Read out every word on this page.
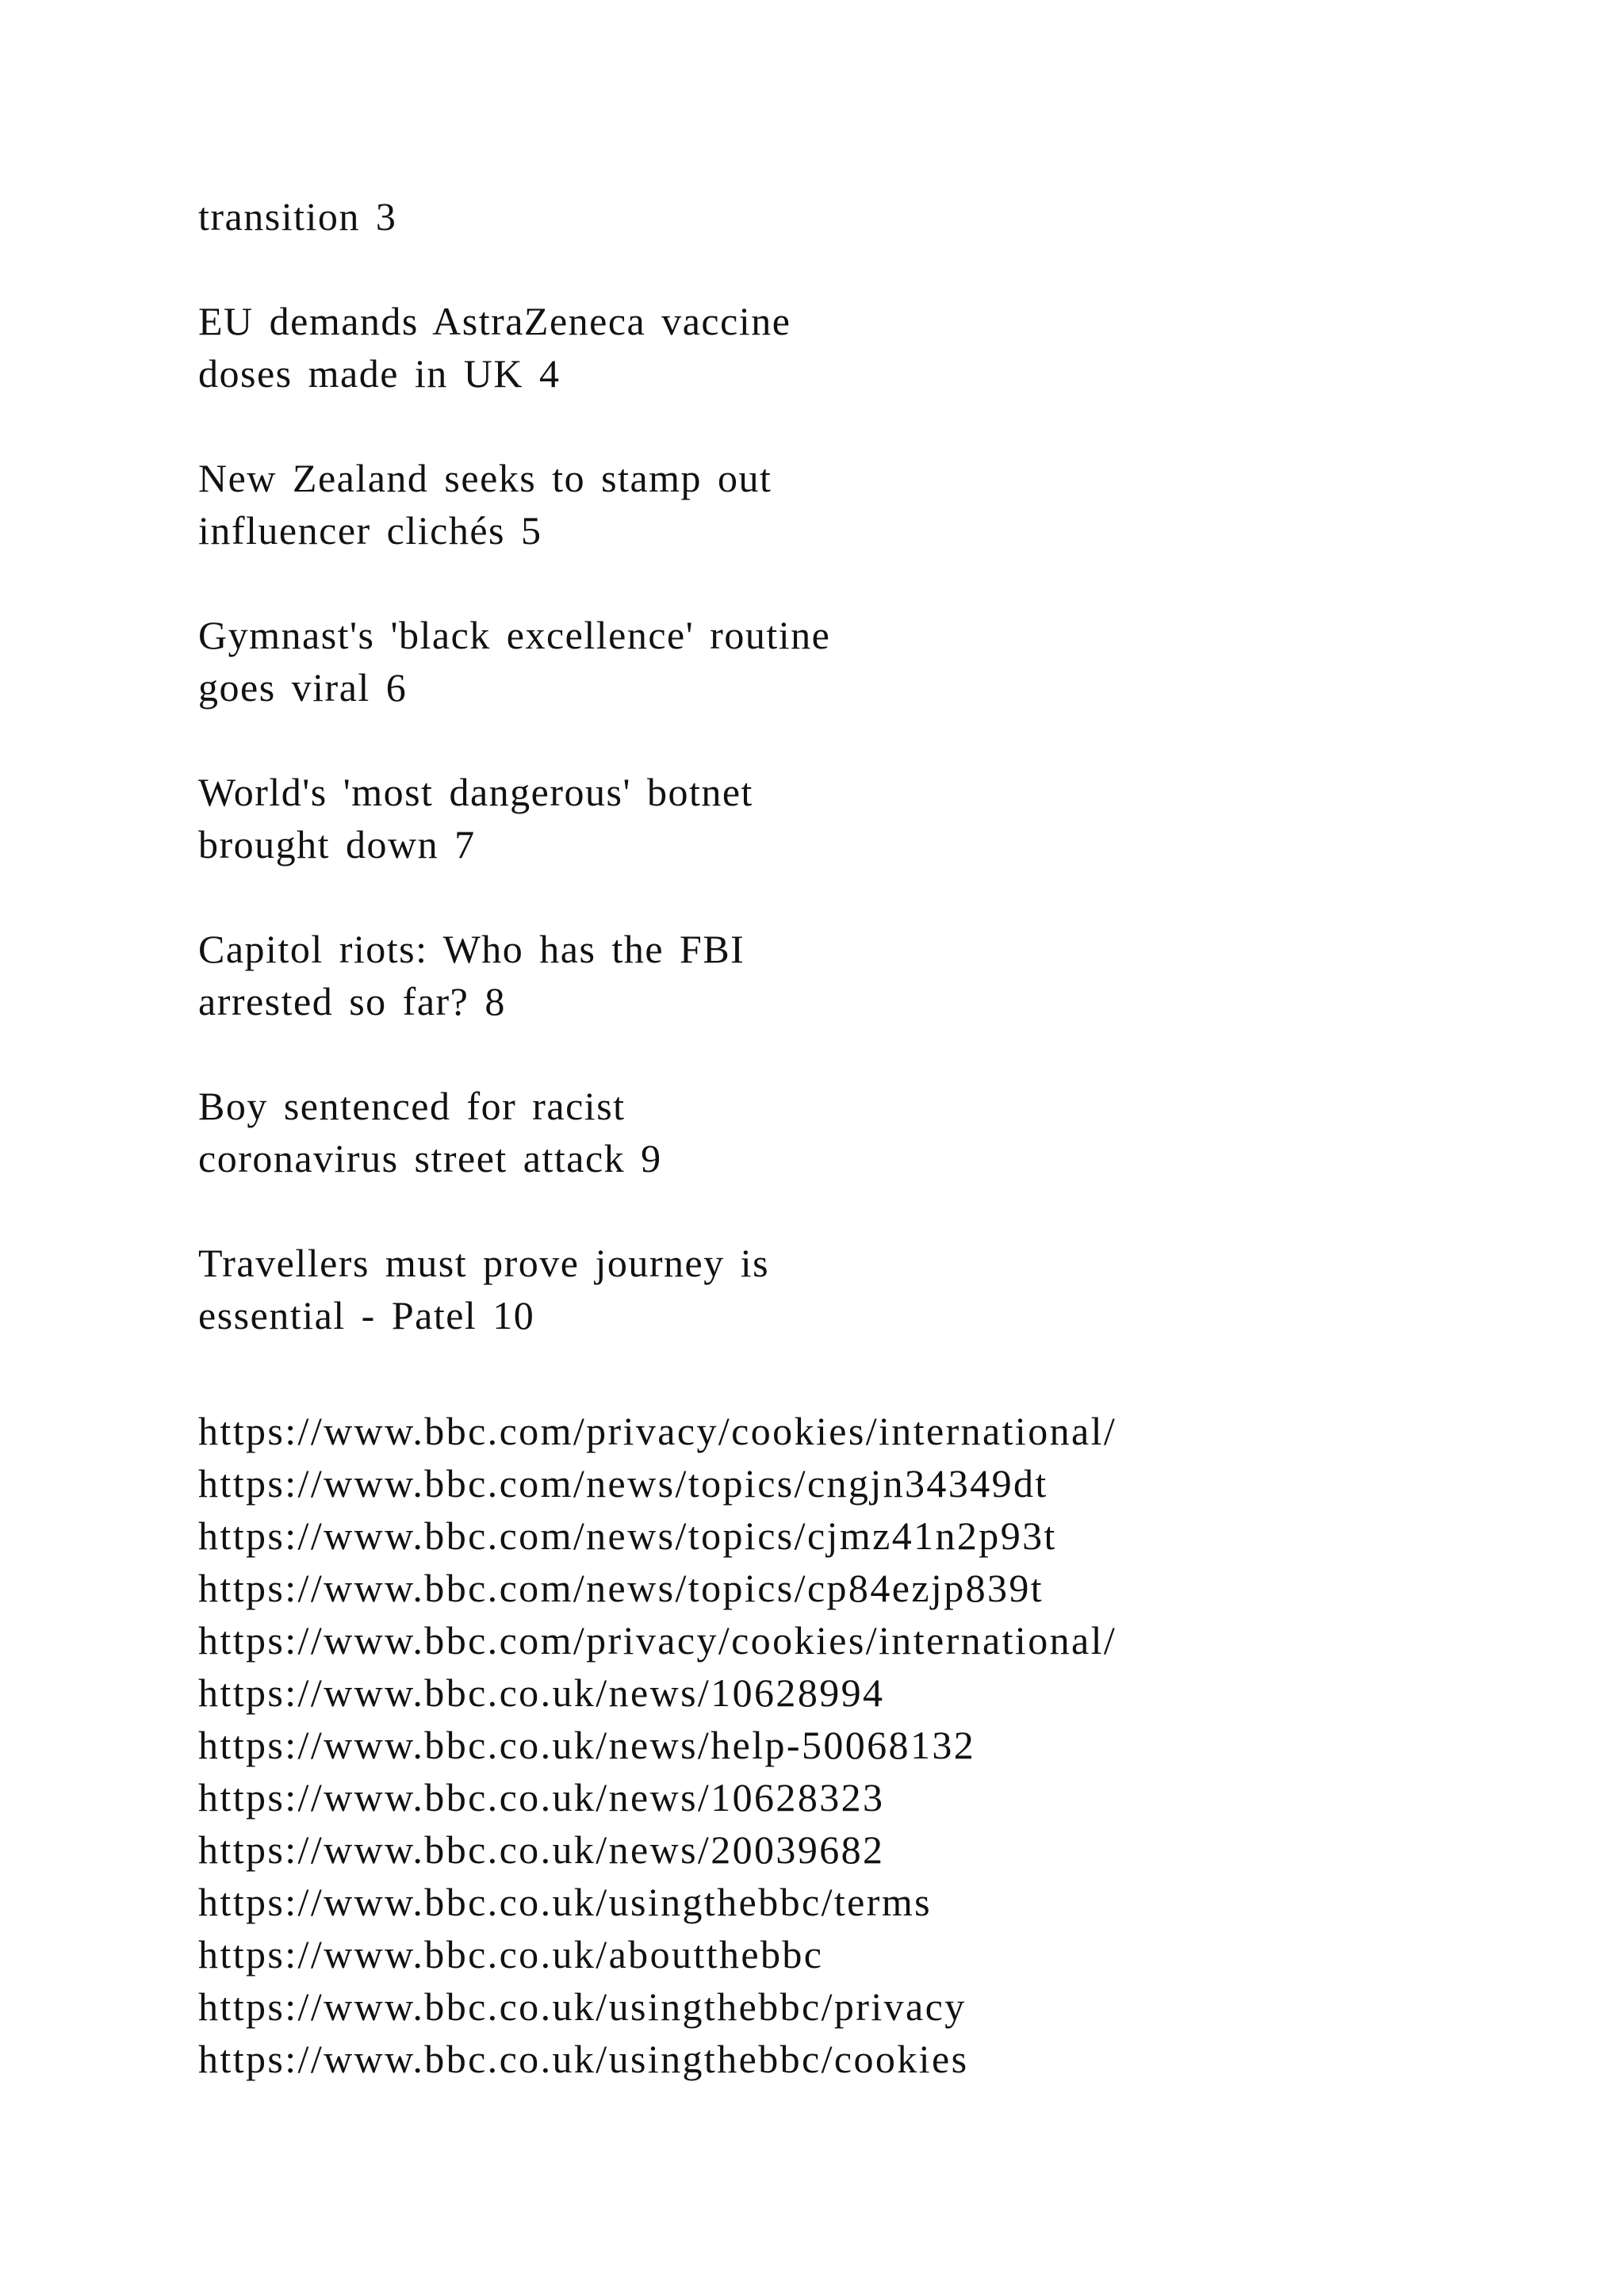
transition 3
EU demands AstraZeneca vaccine
doses made in UK 4
New Zealand seeks to stamp out
influencer clichés 5
Gymnast's 'black excellence' routine
goes viral 6
World's 'most dangerous' botnet
brought down 7
Capitol riots: Who has the FBI
arrested so far? 8
Boy sentenced for racist
coronavirus street attack 9
Travellers must prove journey is
essential - Patel 10
https://www.bbc.com/privacy/cookies/international/
https://www.bbc.com/news/topics/cngjn34349dt
https://www.bbc.com/news/topics/cjmz41n2p93t
https://www.bbc.com/news/topics/cp84ezjp839t
https://www.bbc.com/privacy/cookies/international/
https://www.bbc.co.uk/news/10628994
https://www.bbc.co.uk/news/help-50068132
https://www.bbc.co.uk/news/10628323
https://www.bbc.co.uk/news/20039682
https://www.bbc.co.uk/usingthebbc/terms
https://www.bbc.co.uk/aboutthebbc
https://www.bbc.co.uk/usingthebbc/privacy
https://www.bbc.co.uk/usingthebbc/cookies
